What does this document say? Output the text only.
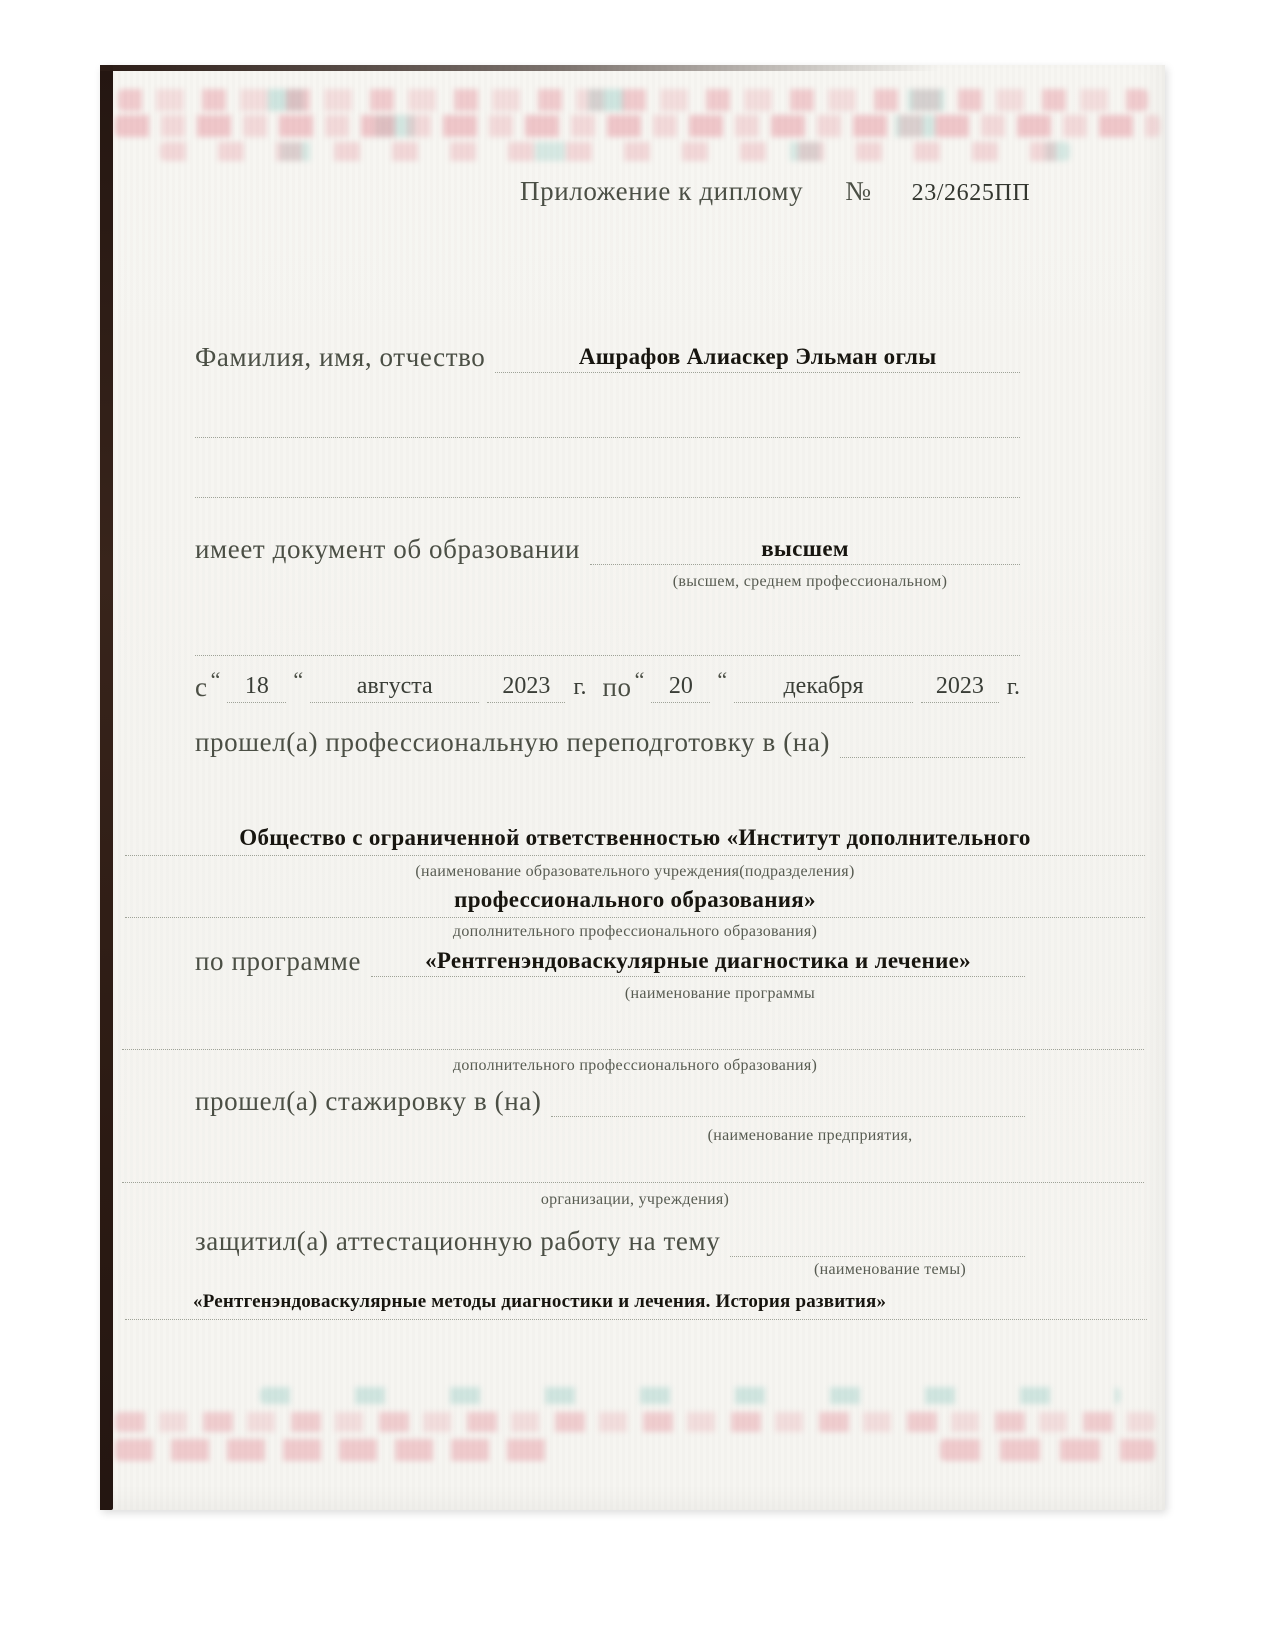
Приложение к диплому № 23/2625ПП
Фамилия, имя, отчество	Ашрафов Алиаскер Эльман оглы
имеет документ об образовании	высшем
(высшем, среднем профессиональном)
с “	18	“	августа	2023 г. по “	20	“	декабря	2023 г.
прошел(а) профессиональную переподготовку в (на)
Общество с ограниченной ответственностью «Институт дополнительного
(наименование образовательного учреждения(подразделения)
профессионального образования»
дополнительного профессионального образования)
по программе	«Рентгенэндоваскулярные диагностика и лечение»
(наименование программы
дополнительного профессионального образования)
прошел(а) стажировку в (на)
(наименование предприятия,
организации, учреждения)
защитил(а) аттестационную работу на тему
(наименование темы)
«Рентгенэндоваскулярные методы диагностики и лечения. История развития»
